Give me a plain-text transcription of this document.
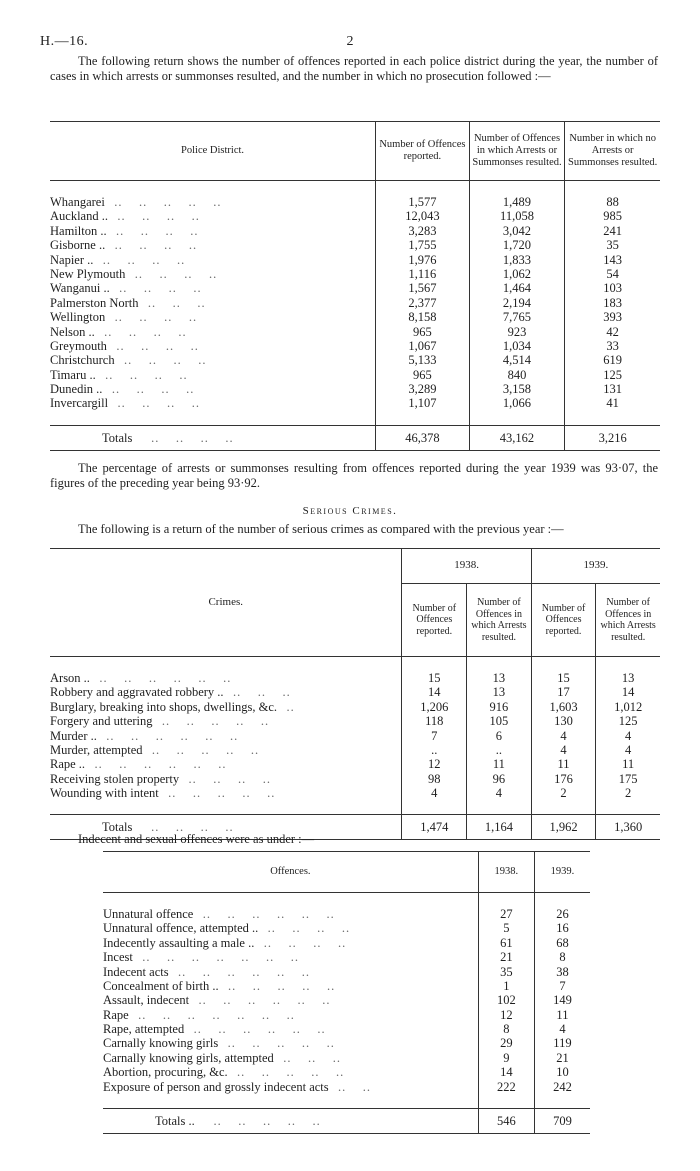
H.—16.	2

The following return shows the number of offences reported in each police district during the year, the number of cases in which arrests or summonses resulted, and the number in which no prosecution followed :—

Police District.	Number of Offences reported.	Number of Offences in which Arrests or Summonses resulted.	Number in which no Arrests or Summonses resulted.

Whangarei ..    ..    ..    ..    ..	1,577	1,489	88
Auckland .. ..    ..    ..    ..	12,043	11,058	985
Hamilton .. ..    ..    ..    ..	3,283	3,042	241
Gisborne .. ..    ..    ..    ..	1,755	1,720	35
Napier .. ..    ..    ..    ..	1,976	1,833	143
New Plymouth ..    ..    ..    ..	1,116	1,062	54
Wanganui .. ..    ..    ..    ..	1,567	1,464	103
Palmerston North ..    ..    ..	2,377	2,194	183
Wellington ..    ..    ..    ..	8,158	7,765	393
Nelson .. ..    ..    ..    ..	965	923	42
Greymouth ..    ..    ..    ..	1,067	1,034	33
Christchurch ..    ..    ..    ..	5,133	4,514	619
Timaru .. ..    ..    ..    ..	965	840	125
Dunedin .. ..    ..    ..    ..	3,289	3,158	131
Invercargill ..    ..    ..    ..	1,107	1,066	41

Totals ..    ..    ..    ..	46,378	43,162	3,216

The percentage of arrests or summonses resulting from offences reported during the year 1939 was 93·07, the figures of the preceding year being 93·92.

Serious Crimes.

The following is a return of the number of serious crimes as compared with the previous year :—

Crimes.	1938.		1939.	
	Number of Offences reported.	Number of Offences in which Arrests resulted.	Number of Offences reported.	Number of Offences in which Arrests resulted.

Arson .. ..    ..    ..    ..    ..    ..	15	13	15	13
Robbery and aggravated robbery .. ..    ..    ..	14	13	17	14
Burglary, breaking into shops, dwellings, &c. ..	1,206	916	1,603	1,012
Forgery and uttering ..    ..    ..    ..    ..	118	105	130	125
Murder .. ..    ..    ..    ..    ..    ..	7	6	4	4
Murder, attempted ..    ..    ..    ..    ..	..	..	4	4
Rape .. ..    ..    ..    ..    ..    ..	12	11	11	11
Receiving stolen property ..    ..    ..    ..	98	96	176	175
Wounding with intent ..    ..    ..    ..    ..	4	4	2	2

Totals ..    ..    ..    ..	1,474	1,164	1,962	1,360
Indecent and sexual offences were as under :—
Offences.	1938.	1939.

Unnatural offence ..    ..    ..    ..    ..    ..	27	26
Unnatural offence, attempted .. ..    ..    ..    ..	5	16
Indecently assaulting a male .. ..    ..    ..    ..	61	68
Incest ..    ..    ..    ..    ..    ..    ..	21	8
Indecent acts ..    ..    ..    ..    ..    ..	35	38
Concealment of birth .. ..    ..    ..    ..    ..	1	7
Assault, indecent ..    ..    ..    ..    ..    ..	102	149
Rape ..    ..    ..    ..    ..    ..    ..	12	11
Rape, attempted ..    ..    ..    ..    ..    ..	8	4
Carnally knowing girls ..    ..    ..    ..    ..	29	119
Carnally knowing girls, attempted ..    ..    ..	9	21
Abortion, procuring, &c. ..    ..    ..    ..    ..	14	10
Exposure of person and grossly indecent acts ..    ..	222	242

Totals .. ..    ..    ..    ..    ..	546	709
